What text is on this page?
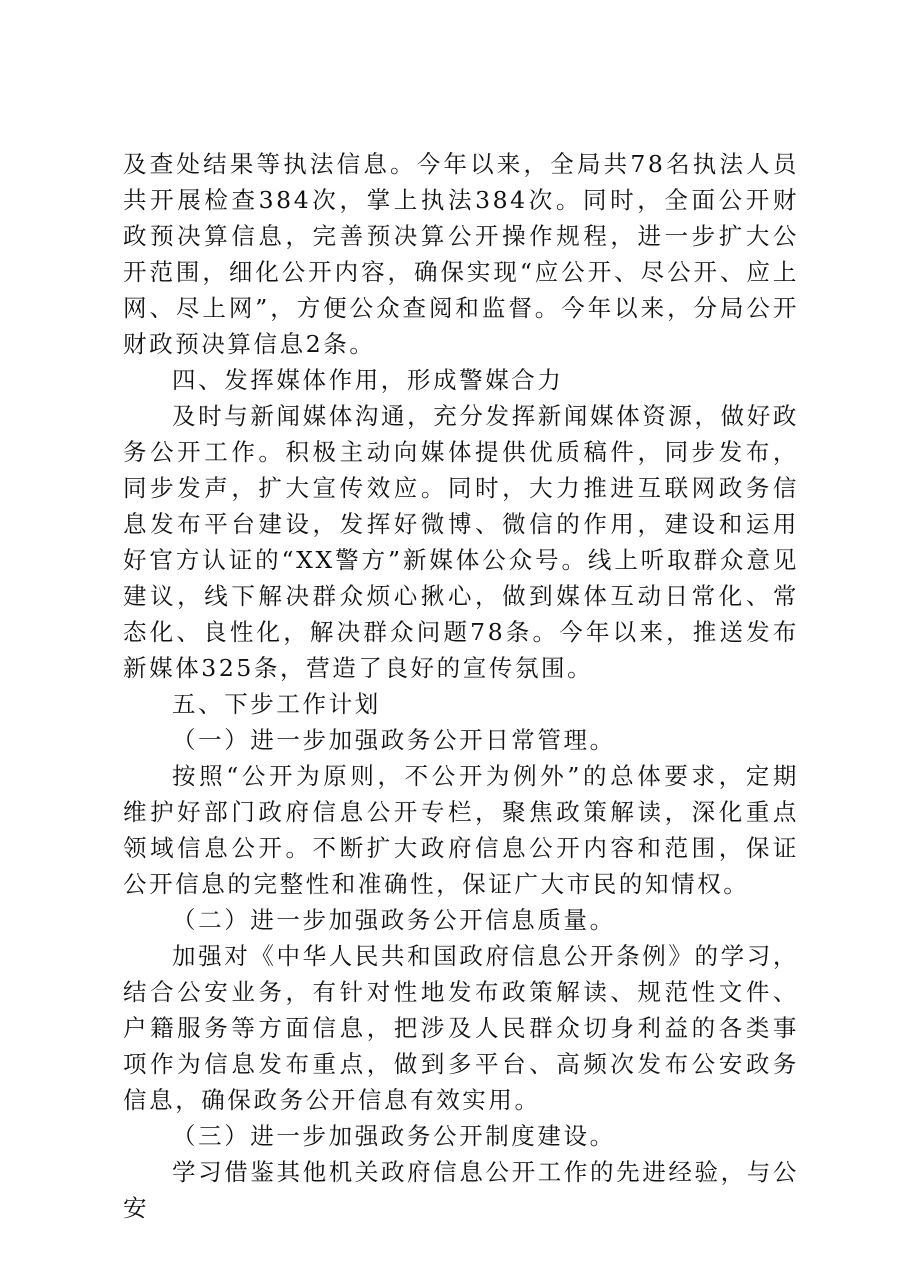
及查处结果等执法信息。今年以来，全局共78名执法人员共开展检查384次，掌上执法384次。同时，全面公开财政预决算信息，完善预决算公开操作规程，进一步扩大公开范围，细化公开内容，确保实现“应公开、尽公开、应上网、尽上网”，方便公众查阅和监督。今年以来，分局公开财政预决算信息2条。

四、发挥媒体作用，形成警媒合力

及时与新闻媒体沟通，充分发挥新闻媒体资源，做好政务公开工作。积极主动向媒体提供优质稿件，同步发布，同步发声，扩大宣传效应。同时，大力推进互联网政务信息发布平台建设，发挥好微博、微信的作用，建设和运用好官方认证的“XX警方”新媒体公众号。线上听取群众意见建议，线下解决群众烦心揪心，做到媒体互动日常化、常态化、良性化，解决群众问题78条。今年以来，推送发布新媒体325条，营造了良好的宣传氛围。

五、下步工作计划

（一）进一步加强政务公开日常管理。

按照“公开为原则，不公开为例外”的总体要求，定期维护好部门政府信息公开专栏，聚焦政策解读，深化重点领域信息公开。不断扩大政府信息公开内容和范围，保证公开信息的完整性和准确性，保证广大市民的知情权。

（二）进一步加强政务公开信息质量。

加强对《中华人民共和国政府信息公开条例》的学习，结合公安业务，有针对性地发布政策解读、规范性文件、户籍服务等方面信息，把涉及人民群众切身利益的各类事项作为信息发布重点，做到多平台、高频次发布公安政务信息，确保政务公开信息有效实用。

（三）进一步加强政务公开制度建设。

学习借鉴其他机关政府信息公开工作的先进经验，与公安
